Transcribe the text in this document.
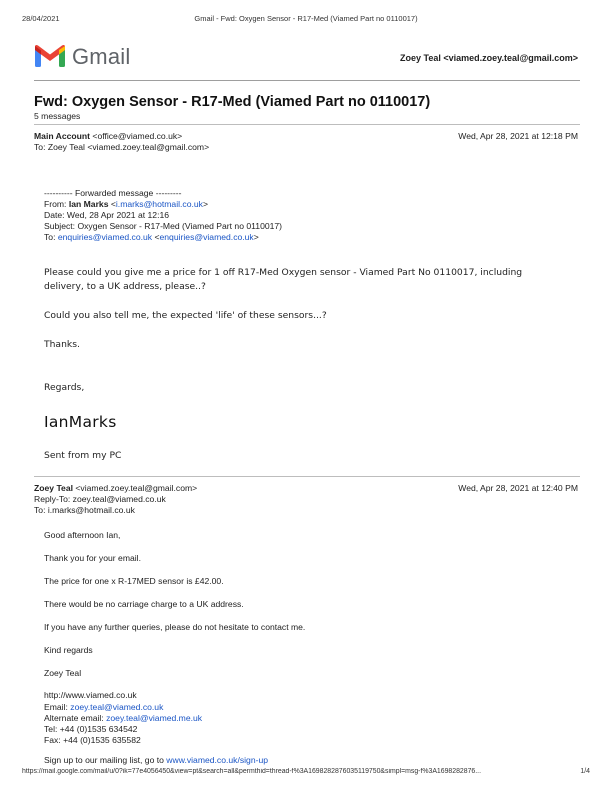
28/04/2021	Gmail - Fwd: Oxygen Sensor - R17-Med (Viamed Part no 0110017)
Gmail	Zoey Teal <viamed.zoey.teal@gmail.com>
Fwd: Oxygen Sensor - R17-Med (Viamed Part no 0110017)
5 messages
Main Account <office@viamed.co.uk>	Wed, Apr 28, 2021 at 12:18 PM
To: Zoey Teal <viamed.zoey.teal@gmail.com>
---------- Forwarded message ---------
From: Ian Marks <i.marks@hotmail.co.uk>
Date: Wed, 28 Apr 2021 at 12:16
Subject: Oxygen Sensor - R17-Med (Viamed Part no 0110017)
To: enquiries@viamed.co.uk <enquiries@viamed.co.uk>
Please could you give me a price for 1 off R17-Med Oxygen sensor - Viamed Part No 0110017, including
delivery, to a UK address, please..?
Could you also tell me, the expected 'life' of these sensors...?
Thanks.
Regards,
IanMarks
Sent from my PC
Zoey Teal <viamed.zoey.teal@gmail.com>	Wed, Apr 28, 2021 at 12:40 PM
Reply-To: zoey.teal@viamed.co.uk
To: i.marks@hotmail.co.uk
Good afternoon Ian,
Thank you for your email.
The price for one x R-17MED sensor is £42.00.
There would be no carriage charge to a UK address.
If you have any further queries, please do not hesitate to contact me.
Kind regards
Zoey Teal
http://www.viamed.co.uk
Email: zoey.teal@viamed.co.uk
Alternate email: zoey.teal@viamed.me.uk
Tel: +44 (0)1535 634542
Fax: +44 (0)1535 635582
Sign up to our mailing list, go to www.viamed.co.uk/sign-up
https://mail.google.com/mail/u/0?ik=77e4056450&view=pt&search=all&permthid=thread-f%3A1698282876035119750&simpl=msg-f%3A1698282876...	1/4
